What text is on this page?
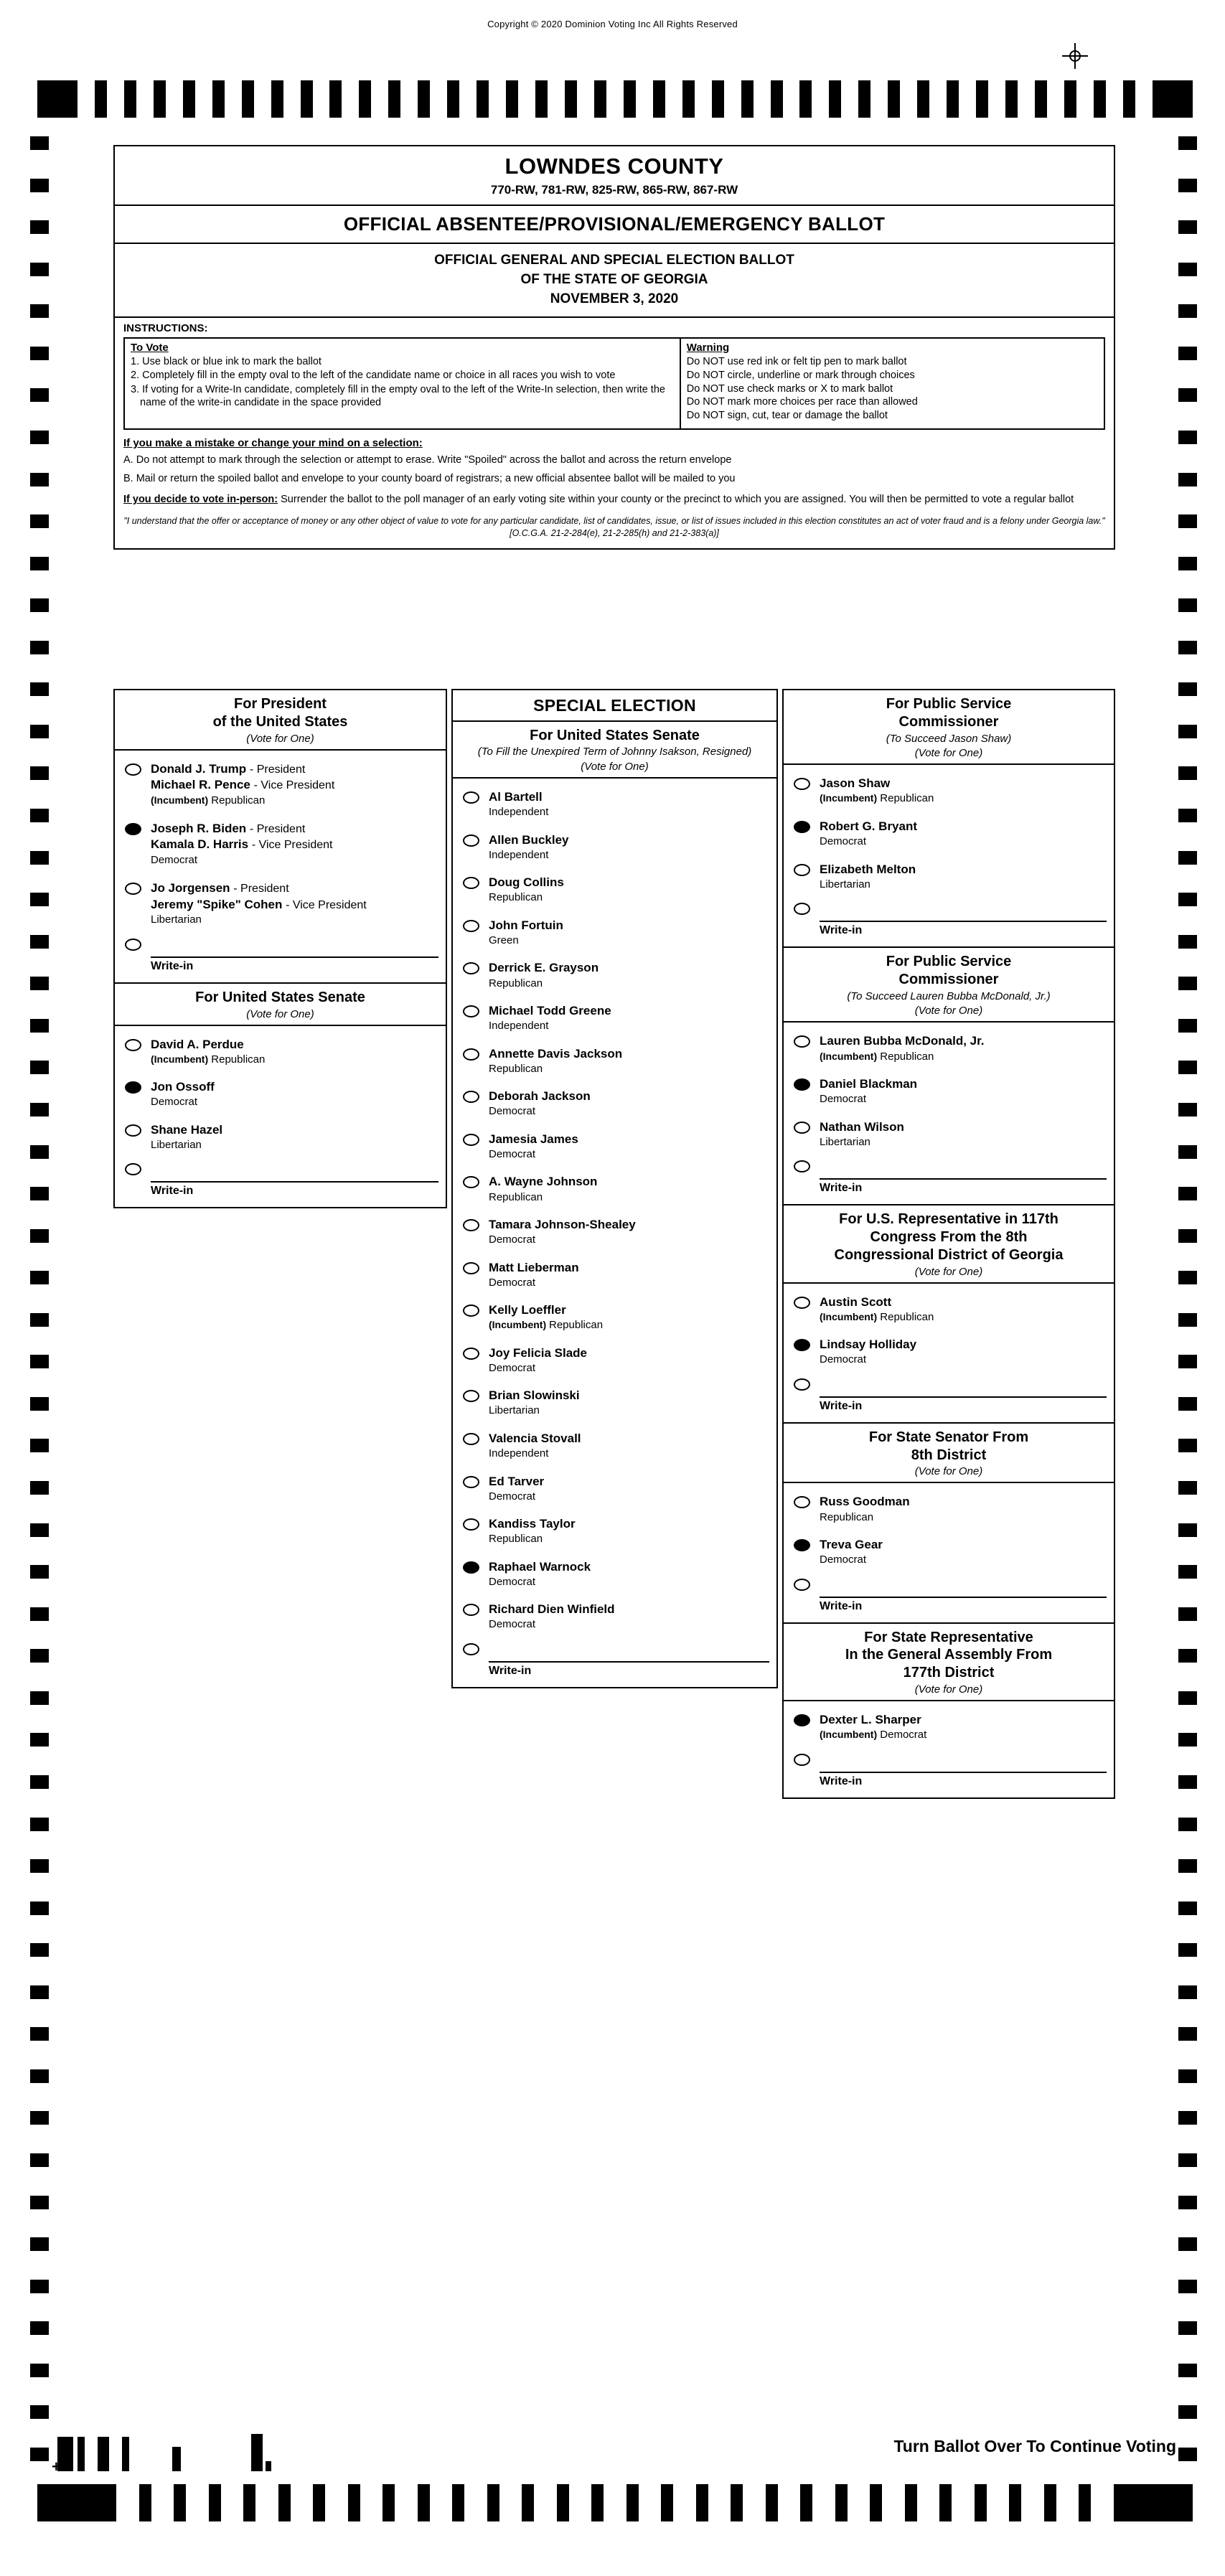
Copyright © 2020 Dominion Voting Inc All Rights Reserved
LOWNDES COUNTY
770-RW, 781-RW, 825-RW, 865-RW, 867-RW
OFFICIAL ABSENTEE/PROVISIONAL/EMERGENCY BALLOT
OFFICIAL GENERAL AND SPECIAL ELECTION BALLOT
OF THE STATE OF GEORGIA
NOVEMBER 3, 2020
INSTRUCTIONS:
To Vote
1. Use black or blue ink to mark the ballot
2. Completely fill in the empty oval to the left of the candidate name or choice in all races you wish to vote
3. If voting for a Write-In candidate, completely fill in the empty oval to the left of the Write-In selection, then write the name of the write-in candidate in the space provided
Warning
Do NOT use red ink or felt tip pen to mark ballot
Do NOT circle, underline or mark through choices
Do NOT use check marks or X to mark ballot
Do NOT mark more choices per race than allowed
Do NOT sign, cut, tear or damage the ballot
If you make a mistake or change your mind on a selection:
A. Do not attempt to mark through the selection or attempt to erase. Write "Spoiled" across the ballot and across the return envelope
B. Mail or return the spoiled ballot and envelope to your county board of registrars; a new official absentee ballot will be mailed to you
If you decide to vote in-person: Surrender the ballot to the poll manager of an early voting site within your county or the precinct to which you are assigned. You will then be permitted to vote a regular ballot
"I understand that the offer or acceptance of money or any other object of value to vote for any particular candidate, list of candidates, issue, or list of issues included in this election constitutes an act of voter fraud and is a felony under Georgia law." [O.C.G.A. 21-2-284(e), 21-2-285(h) and 21-2-383(a)]
For President
of the United States
(Vote for One)
Donald J. Trump - President
Michael R. Pence - Vice President
(Incumbent) Republican
Joseph R. Biden - President
Kamala D. Harris - Vice President
Democrat
Jo Jorgensen - President
Jeremy "Spike" Cohen - Vice President
Libertarian
Write-in
For United States Senate
(Vote for One)
David A. Perdue
(Incumbent) Republican
Jon Ossoff
Democrat
Shane Hazel
Libertarian
Write-in
SPECIAL ELECTION
For United States Senate
(To Fill the Unexpired Term of Johnny Isakson, Resigned)
(Vote for One)
Al Bartell
Independent
Allen Buckley
Independent
Doug Collins
Republican
John Fortuin
Green
Derrick E. Grayson
Republican
Michael Todd Greene
Independent
Annette Davis Jackson
Republican
Deborah Jackson
Democrat
Jamesia James
Democrat
A. Wayne Johnson
Republican
Tamara Johnson-Shealey
Democrat
Matt Lieberman
Democrat
Kelly Loeffler
(Incumbent) Republican
Joy Felicia Slade
Democrat
Brian Slowinski
Libertarian
Valencia Stovall
Independent
Ed Tarver
Democrat
Kandiss Taylor
Republican
Raphael Warnock
Democrat
Richard Dien Winfield
Democrat
Write-in
For Public Service
Commissioner
(To Succeed Jason Shaw)
(Vote for One)
Jason Shaw
(Incumbent) Republican
Robert G. Bryant
Democrat
Elizabeth Melton
Libertarian
Write-in
For Public Service
Commissioner
(To Succeed Lauren Bubba McDonald, Jr.)
(Vote for One)
Lauren Bubba McDonald, Jr.
(Incumbent) Republican
Daniel Blackman
Democrat
Nathan Wilson
Libertarian
Write-in
For U.S. Representative in 117th
Congress From the 8th
Congressional District of Georgia
(Vote for One)
Austin Scott
(Incumbent) Republican
Lindsay Holliday
Democrat
Write-in
For State Senator From
8th District
(Vote for One)
Russ Goodman
Republican
Treva Gear
Democrat
Write-in
For State Representative
In the General Assembly From
177th District
(Vote for One)
Dexter L. Sharper
(Incumbent) Democrat
Write-in
+
Turn Ballot Over To Continue Voting
